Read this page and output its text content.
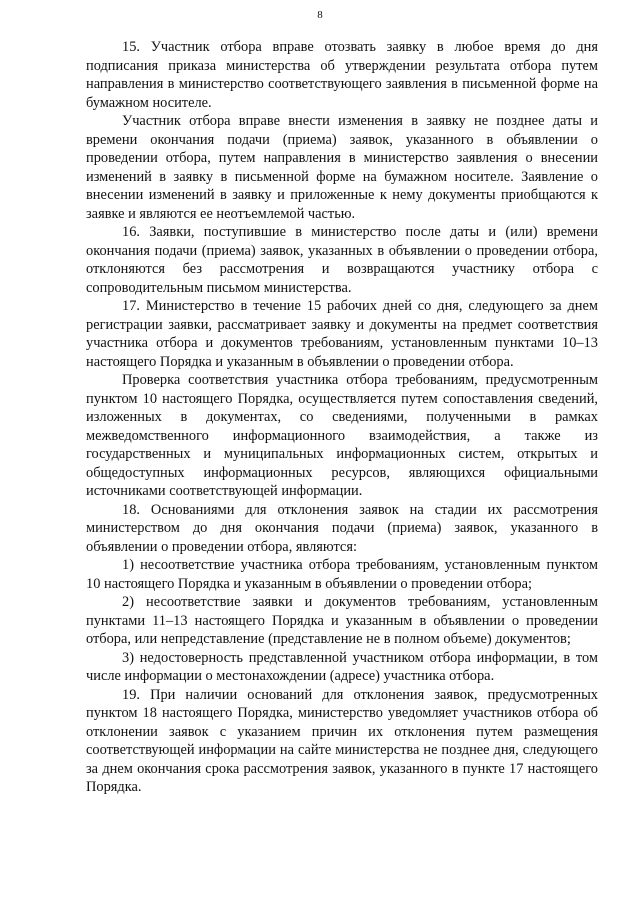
8

15. Участник отбора вправе отозвать заявку в любое время до дня подписания приказа министерства об утверждении результата отбора путем направления в министерство соответствующего заявления в письменной форме на бумажном носителе.

Участник отбора вправе внести изменения в заявку не позднее даты и времени окончания подачи (приема) заявок, указанного в объявлении о проведении отбора, путем направления в министерство заявления о внесении изменений в заявку в письменной форме на бумажном носителе. Заявление о внесении изменений в заявку и приложенные к нему документы приобщаются к заявке и являются ее неотъемлемой частью.

16. Заявки, поступившие в министерство после даты и (или) времени окончания подачи (приема) заявок, указанных в объявлении о проведении отбора, отклоняются без рассмотрения и возвращаются участнику отбора с сопроводительным письмом министерства.

17. Министерство в течение 15 рабочих дней со дня, следующего за днем регистрации заявки, рассматривает заявку и документы на предмет соответствия участника отбора и документов требованиям, установленным пунктами 10–13 настоящего Порядка и указанным в объявлении о проведении отбора.

Проверка соответствия участника отбора требованиям, предусмотренным пунктом 10 настоящего Порядка, осуществляется путем сопоставления сведений, изложенных в документах, со сведениями, полученными в рамках межведомственного информационного взаимодействия, а также из государственных и муниципальных информационных систем, открытых и общедоступных информационных ресурсов, являющихся официальными источниками соответствующей информации.

18. Основаниями для отклонения заявок на стадии их рассмотрения министерством до дня окончания подачи (приема) заявок, указанного в объявлении о проведении отбора, являются:

1) несоответствие участника отбора требованиям, установленным пунктом 10 настоящего Порядка и указанным в объявлении о проведении отбора;

2) несоответствие заявки и документов требованиям, установленным пунктами 11–13 настоящего Порядка и указанным в объявлении о проведении отбора, или непредставление (представление не в полном объеме) документов;

3) недостоверность представленной участником отбора информации, в том числе информации о местонахождении (адресе) участника отбора.

19. При наличии оснований для отклонения заявок, предусмотренных пунктом 18 настоящего Порядка, министерство уведомляет участников отбора об отклонении заявок с указанием причин их отклонения путем размещения соответствующей информации на сайте министерства не позднее дня, следующего за днем окончания срока рассмотрения заявок, указанного в пункте 17 настоящего Порядка.
